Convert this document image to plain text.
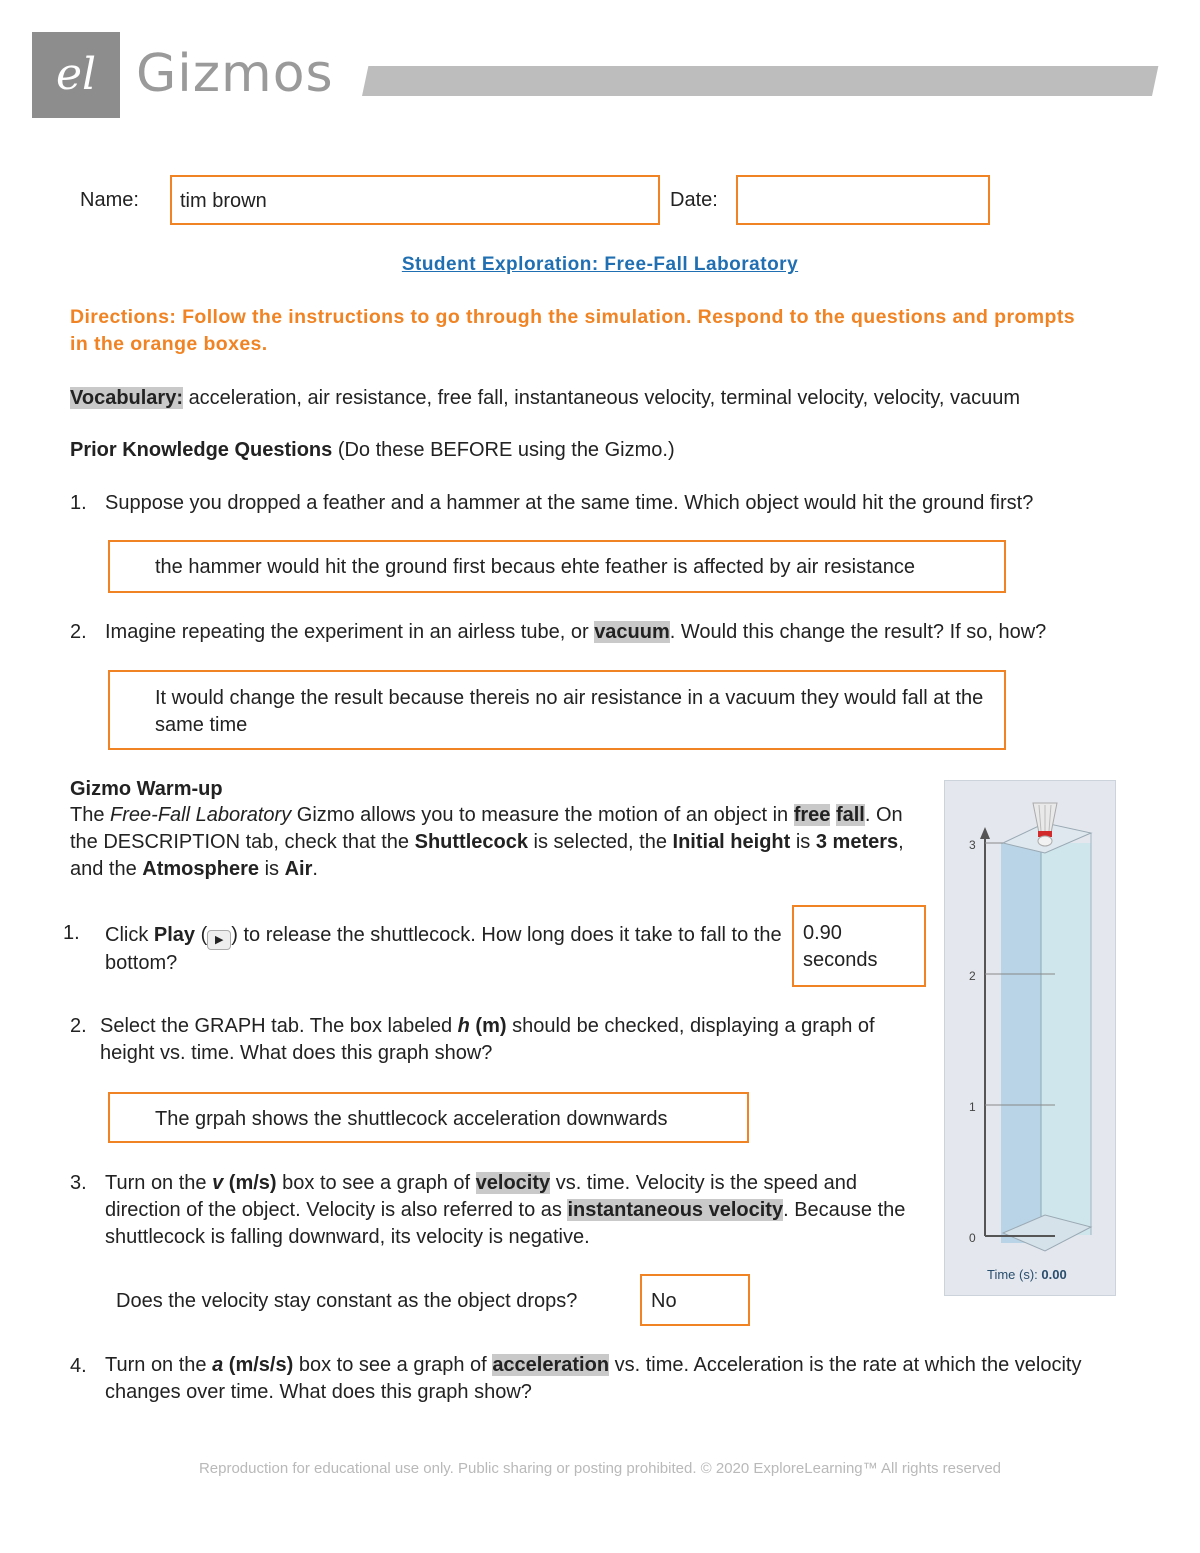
el Gizmos
Name: tim brown	Date:
Student Exploration: Free-Fall Laboratory
Directions: Follow the instructions to go through the simulation. Respond to the questions and prompts in the orange boxes.
Vocabulary: acceleration, air resistance, free fall, instantaneous velocity, terminal velocity, velocity, vacuum
Prior Knowledge Questions (Do these BEFORE using the Gizmo.)
1. Suppose you dropped a feather and a hammer at the same time. Which object would hit the ground first?
the hammer would hit the ground first becaus ehte feather is affected by air resistance
2. Imagine repeating the experiment in an airless tube, or vacuum. Would this change the result? If so, how?
It would change the result because thereis no air resistance in a vacuum they would fall at the same time
Gizmo Warm-up
The Free-Fall Laboratory Gizmo allows you to measure the motion of an object in free fall. On the DESCRIPTION tab, check that the Shuttlecock is selected, the Initial height is 3 meters, and the Atmosphere is Air.
1. Click Play ( ▶ ) to release the shuttlecock. How long does it take to fall to the bottom?
0.90
seconds
2. Select the GRAPH tab. The box labeled h (m) should be checked, displaying a graph of height vs. time. What does this graph show?
The grpah shows the shuttlecock acceleration downwards
3. Turn on the v (m/s) box to see a graph of velocity vs. time. Velocity is the speed and direction of the object. Velocity is also referred to as instantaneous velocity. Because the shuttlecock is falling downward, its velocity is negative.
Does the velocity stay constant as the object drops?	No
4. Turn on the a (m/s/s) box to see a graph of acceleration vs. time. Acceleration is the rate at which the velocity changes over time. What does this graph show?
3
2
1
0
Time (s): 0.00
Reproduction for educational use only. Public sharing or posting prohibited. © 2020 ExploreLearning™ All rights reserved
